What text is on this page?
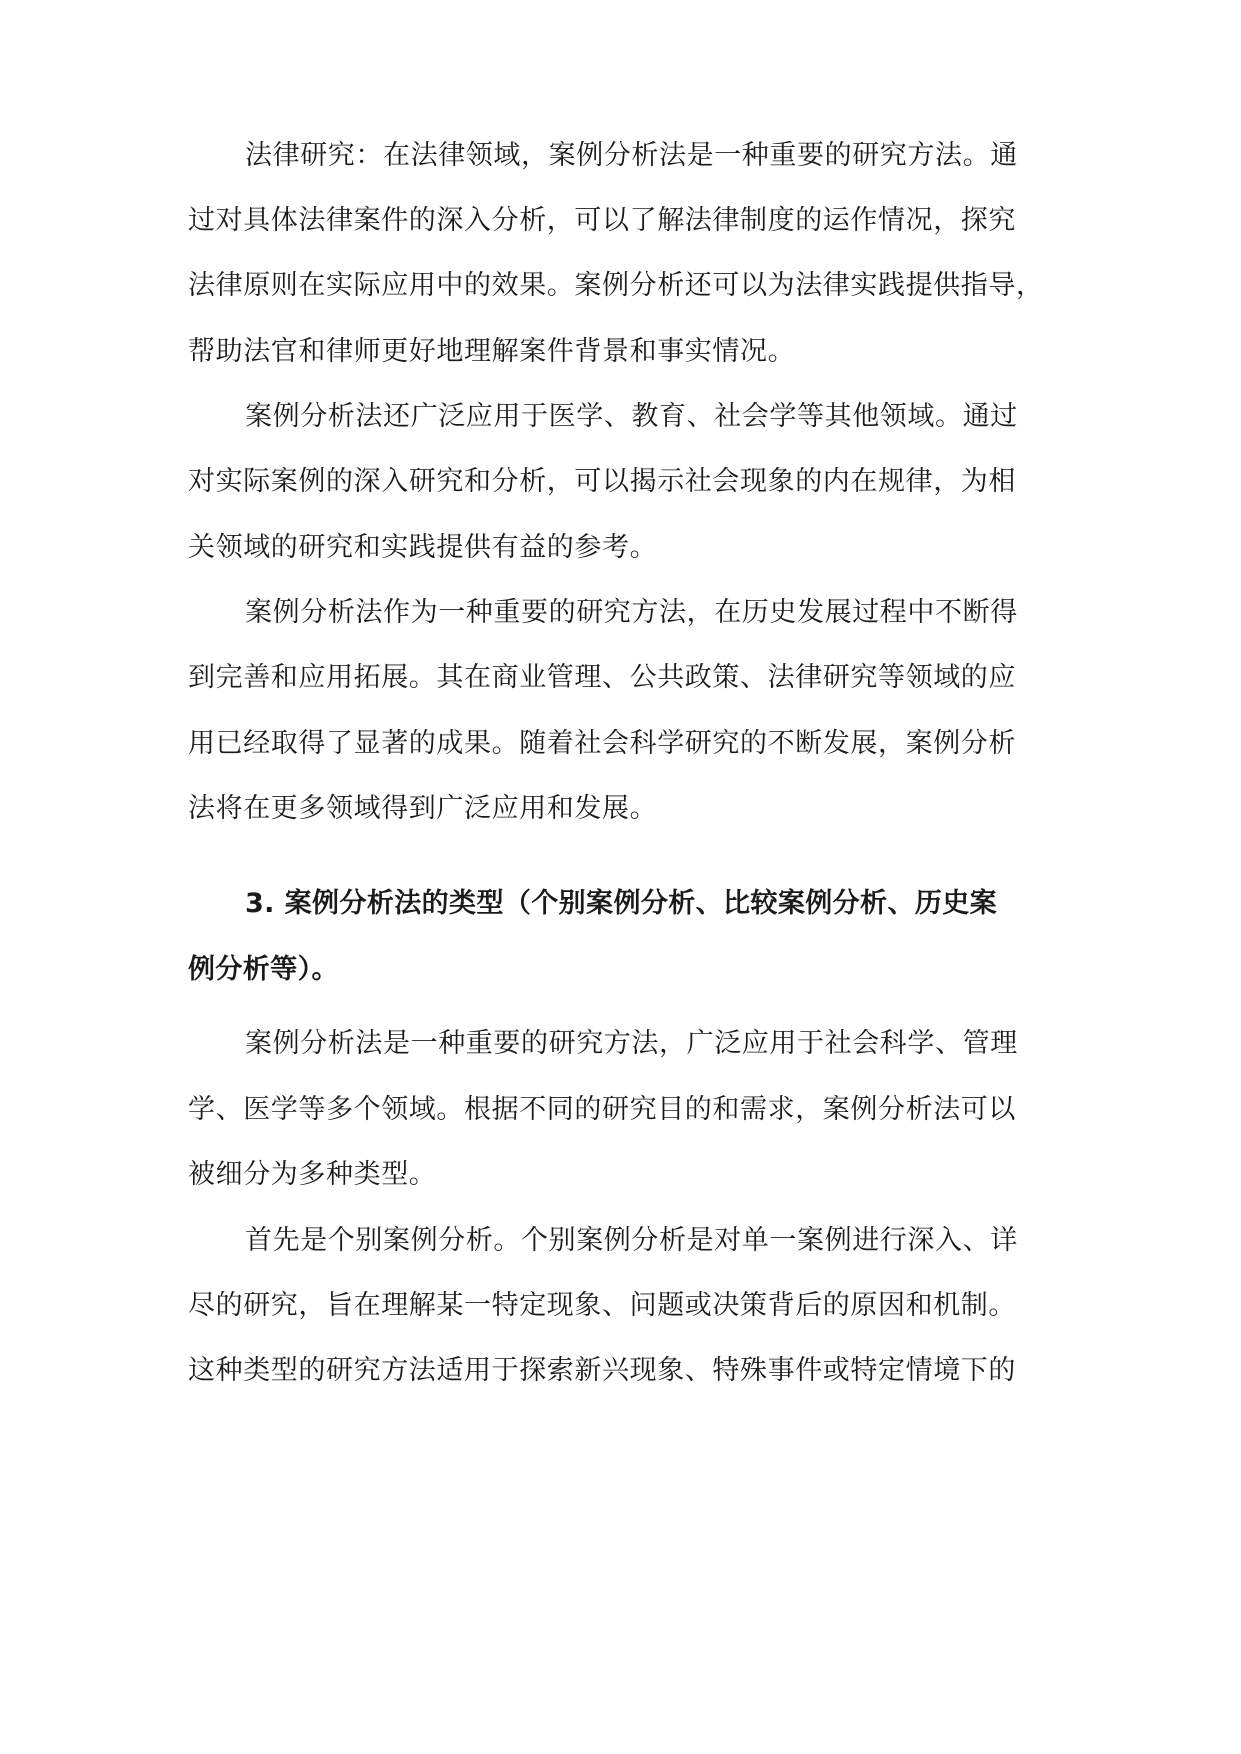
法律研究：在法律领域，案例分析法是一种重要的研究方法。通
过对具体法律案件的深入分析，可以了解法律制度的运作情况，探究
法律原则在实际应用中的效果。案例分析还可以为法律实践提供指导，
帮助法官和律师更好地理解案件背景和事实情况。
案例分析法还广泛应用于医学、教育、社会学等其他领域。通过
对实际案例的深入研究和分析，可以揭示社会现象的内在规律，为相
关领域的研究和实践提供有益的参考。
案例分析法作为一种重要的研究方法，在历史发展过程中不断得
到完善和应用拓展。其在商业管理、公共政策、法律研究等领域的应
用已经取得了显著的成果。随着社会科学研究的不断发展，案例分析
法将在更多领域得到广泛应用和发展。
3. 案例分析法的类型（个别案例分析、比较案例分析、历史案
例分析等）。
案例分析法是一种重要的研究方法，广泛应用于社会科学、管理
学、医学等多个领域。根据不同的研究目的和需求，案例分析法可以
被细分为多种类型。
首先是个别案例分析。个别案例分析是对单一案例进行深入、详
尽的研究，旨在理解某一特定现象、问题或决策背后的原因和机制。
这种类型的研究方法适用于探索新兴现象、特殊事件或特定情境下的
